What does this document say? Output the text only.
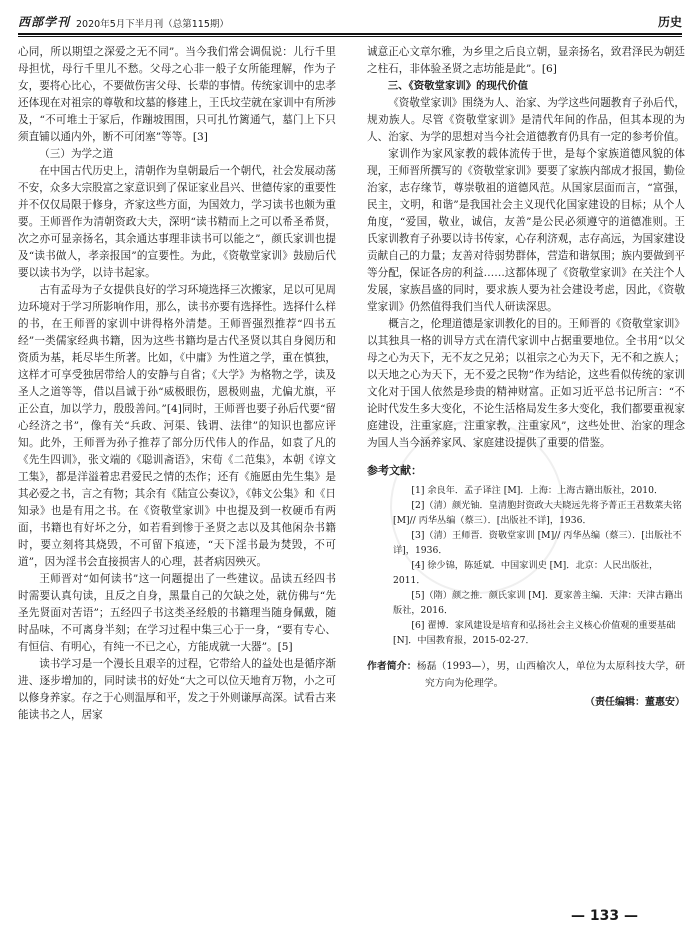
西部学刊 2020年5月下半月刊（总第115期）	历史

心同，所以期望之深爱之无不同”。当今我们常会调侃说：儿行千里母担忧，母行千里儿不愁。父母之心非一般子女所能理解，作为子女，要将心比心，不要做伤害父母、长辈的事情。传统家训中的忠孝还体现在对祖宗的尊敬和坟墓的修建上，王氏坟茔就在家训中有所涉及，“不可堆土于冢后，作蹦坡围围，只可扎竹篱通气，墓门上下只须直铺以通内外，断不可闭塞”等等。[3]

（三）为学之道

在中国古代历史上，清朝作为皇朝最后一个朝代，社会发展动荡不安，众多大宗股富之家意识到了保证家业昌兴、世德传家的重要性并不仅仅局限于修身，齐家这些方面，为国效力，学习读书也颇为重要。王师晋作为清朝资政大夫，深明“读书精而上之可以希圣希贤，次之亦可显亲扬名，其余通达事理非读书可以能之”，颜氏家训也提及“读书做人，孝亲报国”的宣要性。为此，《资敬堂家训》鼓励后代要以读书为学，以诗书起家。

古有孟母为子女提供良好的学习环境选择三次搬家，足以可见周边环境对于学习所影响作用，那么，读书亦要有选择性。选择什么样的书，在王师晋的家训中讲得格外清楚。王师晋强烈推荐“四书五经”一类儒家经典书籍，因为这些书籍均是古代圣贤以其自身阅历和资质为基，耗尽毕生所著。比如，《中庸》为性道之学，重在慎独，这样才可享受独居带给人的安静与自省；《大学》为格物之学，读及圣人之道等等，借以昌诚于孙“威极眼伤，恩极则蛊，尤偏尤旗，平正公直，加以学力，殷殷善问。”[4]同时，王师晋也要子孙后代要“留心经济之书”，像有关“兵政、河渠、钱谓、法律”的知识也都应评知。此外，王师晋为孙子推荐了部分历代伟人的作品，如袁了凡的《先生四训》，张文端的《聪训斋语》，宋荀《二范集》，本朝《谆文工集》，都是洋溢着忠君爱民之情的杰作；还有《施愿由先生集》是其必爱之书，言之有物；其余有《陆宣公奏议》，《韩文公集》和《日知录》也是有用之书。在《资敬堂家训》中也提及到一枚硬币有两面，书籍也有好坏之分，如若看到惨于圣贤之志以及其他闲杂书籍时，要立刻将其烧毁，不可留下痕迹，“天下淫书最为焚毁，不可道”，因为淫书会直接损害人的心理，甚者病因殃灭。

王师晋对“如何读书”这一问题提出了一些建议。品读五经四书时需要认真句读，且反之自身，黑量自己的欠缺之处，就仿佛与“先圣先贤面对苦语”；五经四子书这类圣经般的书籍理当随身佩戴，随时品味，不可离身半刻；在学习过程中集三心于一身，“要有专心、有恒信、有明心，有纯一不已之心，方能成就一大器”。[5]

读书学习是一个漫长且艰辛的过程，它带给人的益处也是循序渐进、逐步增加的，同时读书的好处“大之可以位天地育万物，小之可以修身养家。存之于心则温厚和平，发之于外则谦厚高深。试看古来能读书之人，居家

诚意正心文章尔雅，为乡里之后良立朝，显亲扬名，致君泽民为朝廷之柱石，非体验圣贤之志坊能是此”。[6]

三、《资敬堂家训》的现代价值

《资敬堂家训》围绕为人、治家、为学这些问题教育子孙后代，规劝族人。尽管《资敬堂家训》是清代年间的作品，但其本现的为人、治家、为学的思想对当今社会道德教育仍具有一定的参考价值。

家训作为家风家教的载体流传于世，是每个家族道德风貌的体现，王师晋所撰写的《资敬堂家训》要要了家族内部成才报国，勤俭治家，志存缘节，尊崇敬祖的道德风范。从国家层面而言，“富强，民主，文明，和谐”是我国社会主义现代化国家建设的目标；从个人角度，“爱国，敬业，诚信，友善”是公民必须遵守的道德准则。王氏家训教育子孙要以诗书传家，心存利济观，志存高远，为国家建设贡献自己的力量；友善对待弱势群体，营造和谐氛围；族内要做到平等分配，保证各房的利益……这都体现了《资敬堂家训》在关注个人发展，家族昌盛的同时，要求族人要为社会建设考虑，因此，《资敬堂家训》仍然值得我们当代人研读深思。

概言之，伦理道德是家训教化的目的。王师晋的《资敬堂家训》以其独具一格的训导方式在清代家训中占据重要地位。全书用“以父母之心为天下，无不友之兄弟；以祖宗之心为天下，无不和之族人；以天地之心为天下，无不爱之民物”作为结论，这些看似传统的家训文化对于国人依然是珍贵的精神财富。正如习近平总书记所言：“不论时代发生多大变化，不论生活格局发生多大变化，我们都要重视家庭建设，注重家庭，注重家教，注重家风”，这些处世、治家的理念为国人当今涵养家风、家庭建设提供了重要的借鉴。

参考文献：

[1] 余良年．孟子译注 [M]．上海：上海古籍出版社，2010．

[2]（清）颜光铀．皇清胞封资政大夫晓远先将予菁正王君数菜夫铭 [M]// 丙华丛编（蔡三）．[出版社不详]，1936．

[3]（清）王师晋．资敬堂家训 [M]// 丙华丛编（蔡三）．[出版社不详]，1936．

[4] 徐少锦，陈延斌．中国家训史 [M]．北京：人民出版社，2011．

[5]（隋）颜之推．颜氏家训 [M]．夏家善主编．天津：天津古籍出版社，2016．

[6] 翟博．家风建设是培育和弘扬社会主义核心价值观的重要基础 [N]．中国教育报，2015-02-27．

作者简介：杨磊（1993—），男，山西榆次人，单位为太原科技大学，研究方向为伦理学。
（责任编辑：董惠安）
— 133 —
